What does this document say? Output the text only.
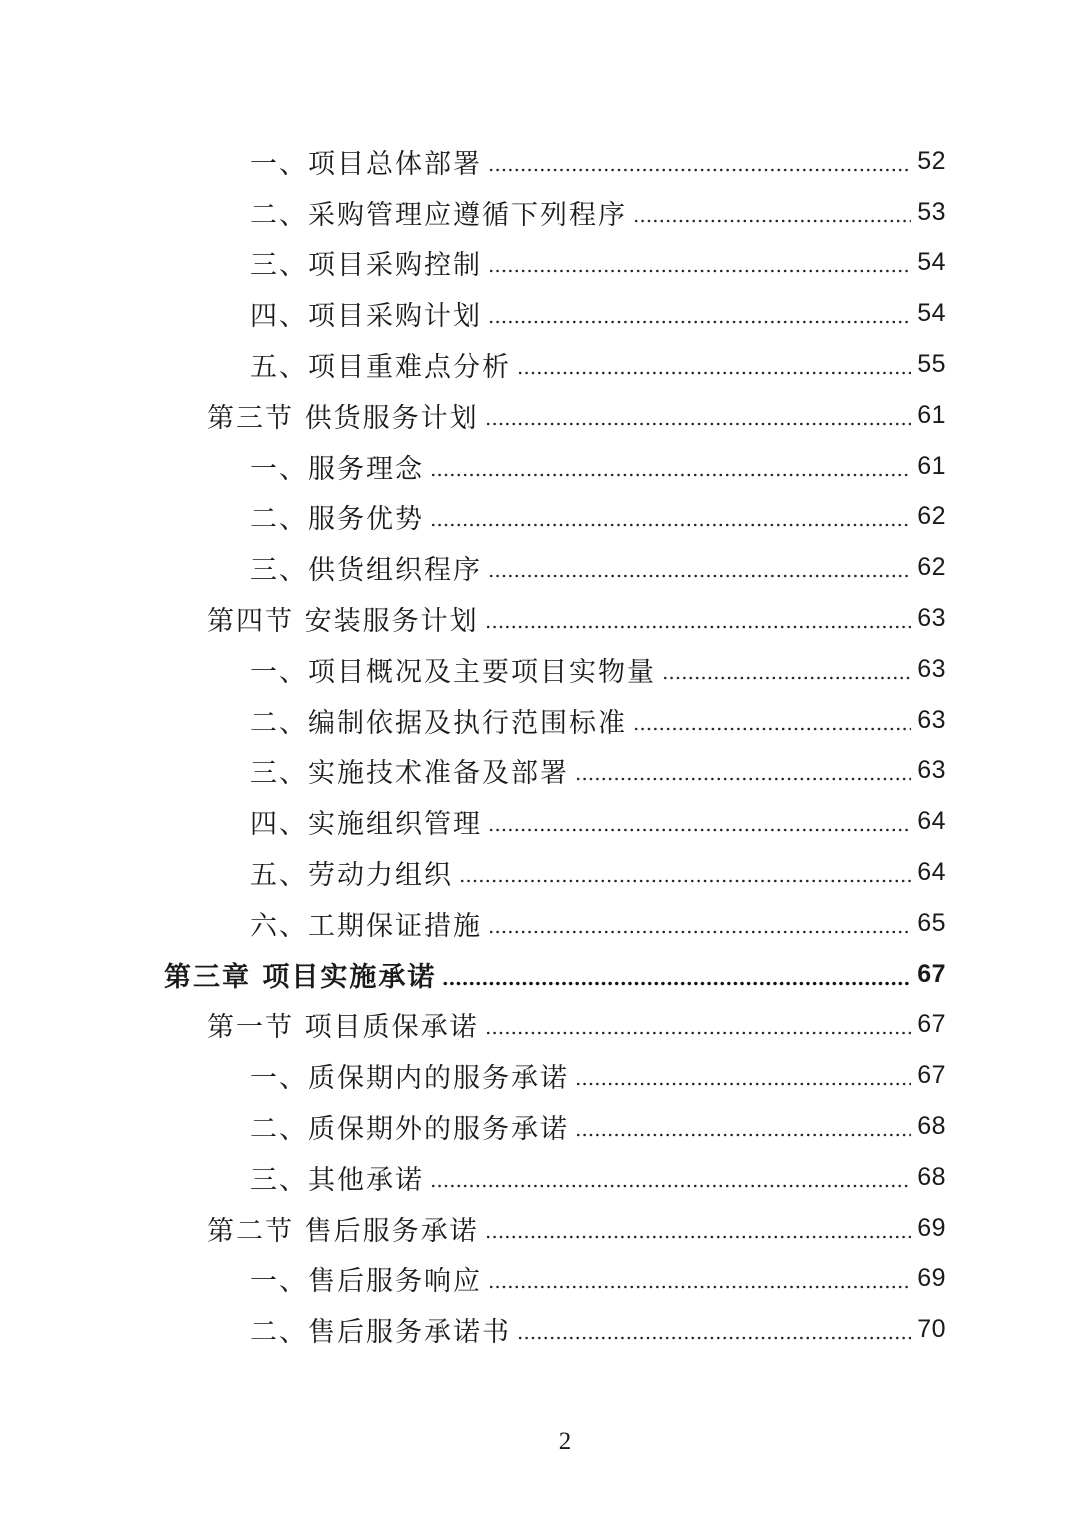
一、项目总体部署	52
二、采购管理应遵循下列程序	53
三、项目采购控制	54
四、项目采购计划	54
五、项目重难点分析	55
第三节 供货服务计划	61
一、服务理念	61
二、服务优势	62
三、供货组织程序	62
第四节 安装服务计划	63
一、项目概况及主要项目实物量	63
二、编制依据及执行范围标准	63
三、实施技术准备及部署	63
四、实施组织管理	64
五、劳动力组织	64
六、工期保证措施	65
第三章 项目实施承诺	67
第一节 项目质保承诺	67
一、质保期内的服务承诺	67
二、质保期外的服务承诺	68
三、其他承诺	68
第二节 售后服务承诺	69
一、售后服务响应	69
二、售后服务承诺书	70
2
